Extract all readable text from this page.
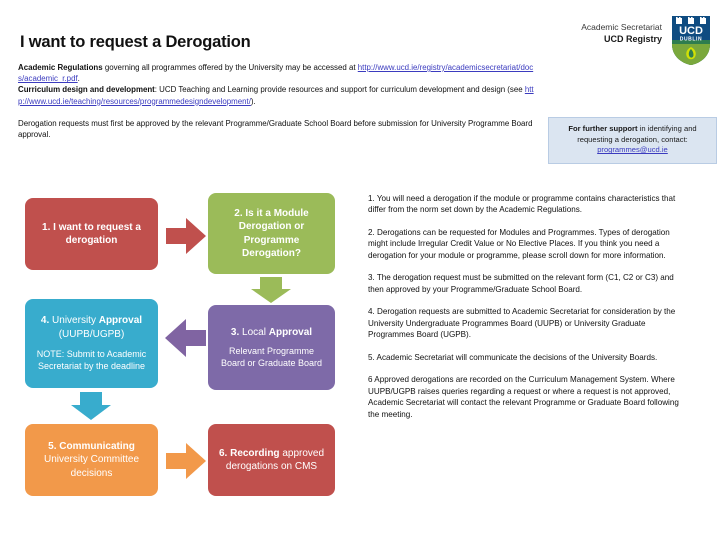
I want to request a Derogation
Academic Secretariat
UCD Registry
UCD
DUBLIN
Academic Regulations governing all programmes offered by the University may be accessed at http://www.ucd.ie/registry/academicsecretariat/docs/academic_r.pdf.
Curriculum design and development: UCD Teaching and Learning provide resources and support for curriculum development and design (see http://www.ucd.ie/teaching/resources/programmedesigndevelopment/).
Derogation requests must first be approved by the relevant Programme/Graduate School Board before submission for University Programme Board approval.
For further support in identifying and requesting a derogation, contact: programmes@ucd.ie
1. I want to request a derogation
2. Is it a Module Derogation or Programme Derogation?
3. Local Approval
Relevant Programme Board or Graduate Board
4. University Approval
(UUPB/UGPB)
NOTE: Submit to Academic Secretariat by the deadline
5. Communicating University Committee decisions
6. Recording approved derogations on CMS

1. You will need a derogation if the module or programme contains characteristics that differ from the norm set down by the Academic Regulations.

2. Derogations can be requested for Modules and Programmes. Types of derogation might include Irregular Credit Value or No Elective Places. If you think you need a derogation for your module or programme, please scroll down for more information.

3. The derogation request must be submitted on the relevant form (C1, C2 or C3) and then approved by your Programme/Graduate School Board.

4. Derogation requests are submitted to Academic Secretariat for consideration by the University Undergraduate Programmes Board (UUPB) or University Graduate Programmes Board (UGPB).

5. Academic Secretariat will communicate the decisions of the University Boards.

6 Approved derogations are recorded on the Curriculum Management System. Where UUPB/UGPB raises queries regarding a request or where a request is not approved, Academic Secretariat will contact the relevant Programme or Graduate Board following the meeting.
